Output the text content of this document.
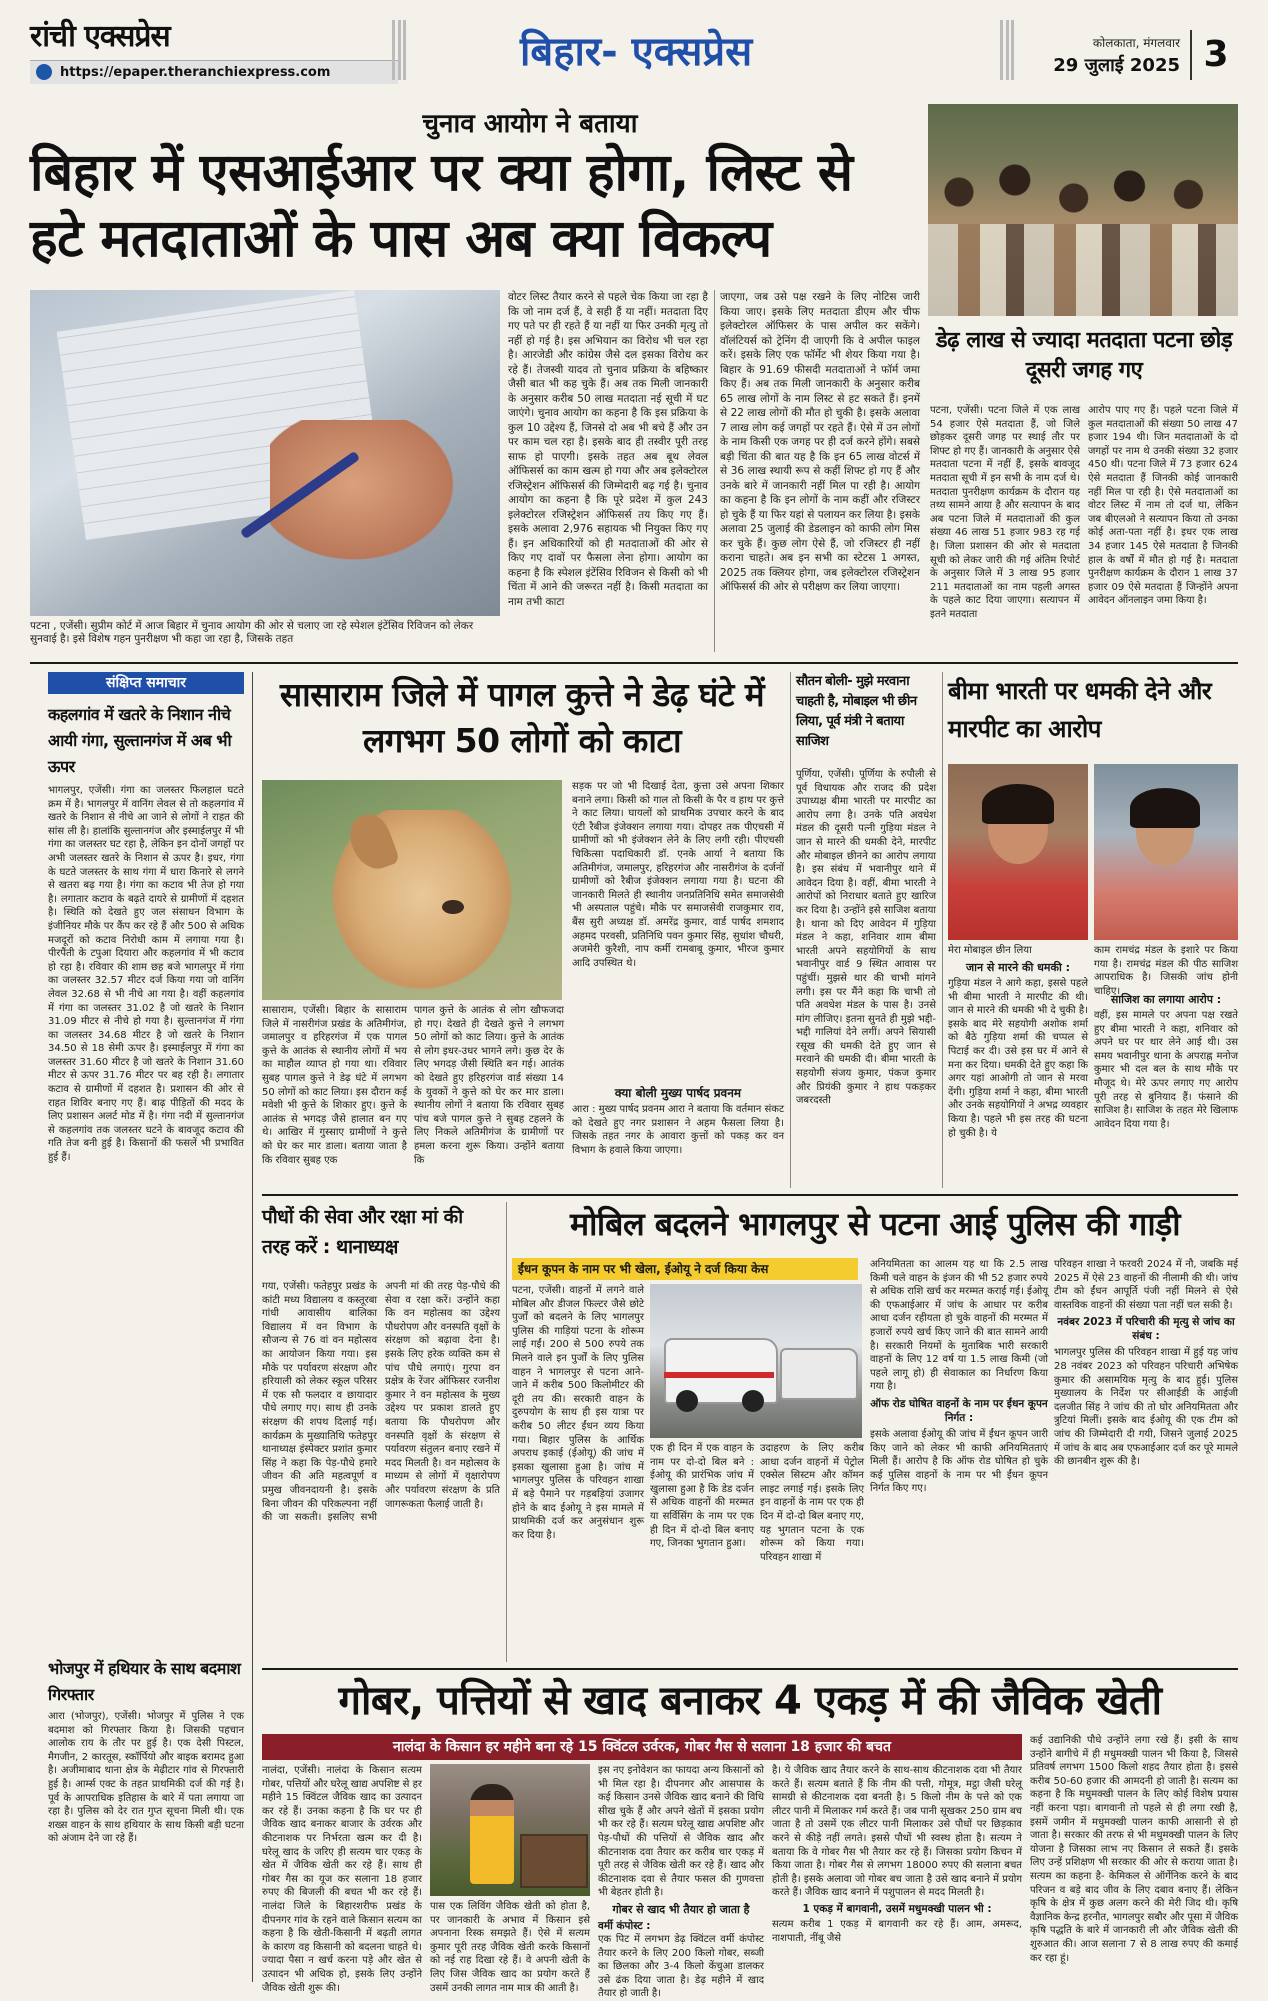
रांची एक्सप्रेस
https://epaper.theranchiexpress.com	बिहार- एक्सप्रेस	कोलकाता, मंगलवार
29 जुलाई 2025 3
चुनाव आयोग ने बताया
बिहार में एसआईआर पर क्या होगा, लिस्ट से हटे मतदाताओं के पास अब क्या विकल्प
पटना , एजेंसी। सुप्रीम कोर्ट में आज बिहार में चुनाव आयोग की ओर से चलाए जा रहे स्पेशल इंटेंसिव रिविजन को लेकर सुनवाई है। इसे विशेष गहन पुनरीक्षण भी कहा जा रहा है, जिसके तहत
वोटर लिस्ट तैयार करने से पहले चेक किया जा रहा है कि जो नाम दर्ज हैं, वे सही हैं या नहीं। मतदाता दिए गए पते पर ही रहते हैं या नहीं या फिर उनकी मृत्यु तो नहीं हो गई है। इस अभियान का विरोध भी चल रहा है। आरजेडी और कांग्रेस जैसे दल इसका विरोध कर रहे हैं। तेजस्वी यादव तो चुनाव प्रक्रिया के बहिष्कार जैसी बात भी कह चुके हैं। अब तक मिली जानकारी के अनुसार करीब 50 लाख मतदाता नई सूची में घट जाएंगे। चुनाव आयोग का कहना है कि इस प्रक्रिया के कुल 10 उद्देश्य हैं, जिनसे दो अब भी बचे हैं और उन पर काम चल रहा है। इसके बाद ही तस्वीर पूरी तरह साफ हो पाएगी। इसके तहत अब बूथ लेवल ऑफिसर्स का काम खत्म हो गया और अब इलेक्टोरल रजिस्ट्रेशन ऑफिसर्स की जिम्मेदारी बढ़ गई है। चुनाव आयोग का कहना है कि पूरे प्रदेश में कुल 243 इलेक्टोरल रजिस्ट्रेशन ऑफिसर्स तय किए गए हैं। इसके अलावा 2,976 सहायक भी नियुक्त किए गए हैं। इन अधिकारियों को ही मतदाताओं की ओर से किए गए दावों पर फैसला लेना होगा। आयोग का कहना है कि स्पेशल इंटेंसिव रिविजन से किसी को भी चिंता में आने की जरूरत नहीं है। किसी मतदाता का नाम तभी काटा
जाएगा, जब उसे पक्ष रखने के लिए नोटिस जारी किया जाए। इसके लिए मतदाता डीएम और चीफ इलेक्टोरल ऑफिसर के पास अपील कर सकेंगे। वॉलंटियर्स को ट्रेनिंग दी जाएगी कि वे अपील फाइल करें। इसके लिए एक फॉर्मेट भी शेयर किया गया है। बिहार के 91.69 फीसदी मतदाताओं ने फॉर्म जमा किए हैं। अब तक मिली जानकारी के अनुसार करीब 65 लाख लोगों के नाम लिस्ट से हट सकते हैं। इनमें से 22 लाख लोगों की मौत हो चुकी है। इसके अलावा 7 लाख लोग कई जगहों पर रहते हैं। ऐसे में उन लोगों के नाम किसी एक जगह पर ही दर्ज करने होंगे। सबसे बड़ी चिंता की बात यह है कि इन 65 लाख वोटर्स में से 36 लाख स्थायी रूप से कहीं शिफ्ट हो गए हैं और उनके बारे में जानकारी नहीं मिल पा रही है। आयोग का कहना है कि इन लोगों के नाम कहीं और रजिस्टर हो चुके हैं या फिर यहां से पलायन कर लिया है। इसके अलावा 25 जुलाई की डेडलाइन को काफी लोग मिस कर चुके हैं। कुछ लोग ऐसे हैं, जो रजिस्टर ही नहीं कराना चाहते। अब इन सभी का स्टेटस 1 अगस्त, 2025 तक क्लियर होगा, जब इलेक्टोरल रजिस्ट्रेशन ऑफिसर्स की ओर से परीक्षण कर लिया जाएगा।
डेढ़ लाख से ज्यादा मतदाता पटना छोड़ दूसरी जगह गए
पटना, एजेंसी। पटना जिले में एक लाख 54 हजार ऐसे मतदाता हैं, जो जिले छोड़कर दूसरी जगह पर स्थाई तौर पर शिफ्ट हो गए हैं। जानकारी के अनुसार ऐसे मतदाता पटना में नहीं हैं, इसके बावजूद मतदाता सूची में इन सभी के नाम दर्ज थे। मतदाता पुनरीक्षण कार्यक्रम के दौरान यह तथ्य सामने आया है और सत्यापन के बाद अब पटना जिले में मतदाताओं की कुल संख्या 46 लाख 51 हजार 983 रह गई है। जिला प्रशासन की ओर से मतदाता सूची को लेकर जारी की गई अंतिम रिपोर्ट के अनुसार जिले में 3 लाख 95 हजार 211 मतदाताओं का नाम पहली अगस्त के पहले काट दिया जाएगा। सत्यापन में इतने मतदाता
आरोप पाए गए हैं। पहले पटना जिले में कुल मतदाताओं की संख्या 50 लाख 47 हजार 194 थी। जिन मतदाताओं के दो जगहों पर नाम थे उनकी संख्या 32 हजार 450 थी। पटना जिले में 73 हजार 624 ऐसे मतदाता हैं जिनकी कोई जानकारी नहीं मिल पा रही है। ऐसे मतदाताओं का वोटर लिस्ट में नाम तो दर्ज था, लेकिन जब बीएलओ ने सत्यापन किया तो उनका कोई अता-पता नहीं है। इधर एक लाख 34 हजार 145 ऐसे मतदाता है जिनकी हाल के वर्षों में मौत हो गई है। मतदाता पुनरीक्षण कार्यक्रम के दौरान 1 लाख 37 हजार 09 ऐसे मतदाता हैं जिन्होंने अपना आवेदन ऑनलाइन जमा किया है।
संक्षिप्त समाचार
कहलगांव में खतरे के निशान नीचे आयी गंगा, सुल्तानगंज में अब भी ऊपर
भागलपुर, एजेंसी। गंगा का जलस्तर फिलहाल घटते क्रम में है। भागलपुर में वानिंग लेवल से तो कहलगांव में खतरे के निशान से नीचे आ जाने से लोगों ने राहत की सांस ली है। हालांकि सुल्तानगंज और इस्माईलपुर में भी गंगा का जलस्तर घट रहा है, लेकिन इन दोनों जगहों पर अभी जलस्तर खतरे के निशान से ऊपर है। इधर, गंगा के घटते जलस्तर के साथ गंगा में धारा किनारे से लगने से खतरा बढ़ गया है। गंगा का कटाव भी तेज हो गया है। लगातार कटाव के बढ़ते दायरे से ग्रामीणों में दहशत है। स्थिति को देखते हुए जल संसाधन विभाग के इंजीनियर मौके पर कैंप कर रहे हैं और 500 से अधिक मजदूरों को कटाव निरोधी काम में लगाया गया है। पीरपैंती के टपुआ दियारा और कहलगांव में भी कटाव हो रहा है। रविवार की शाम छह बजे भागलपुर में गंगा का जलस्तर 32.57 मीटर दर्ज किया गया जो वानिंग लेवल 32.68 से भी नीचे आ गया है। वहीं कहलगांव में गंगा का जलस्तर 31.02 है जो खतरे के निशान 31.09 मीटर से नीचे हो गया है। सुल्तानगंज में गंगा का जलस्तर 34.68 मीटर है जो खतरे के निशान 34.50 से 18 सेमी ऊपर है। इस्माईलपुर में गंगा का जलस्तर 31.60 मीटर है जो खतरे के निशान 31.60 मीटर से ऊपर 31.76 मीटर पर बह रही है। लगातार कटाव से ग्रामीणों में दहशत है। प्रशासन की ओर से राहत शिविर बनाए गए हैं। बाढ़ पीड़ितों की मदद के लिए प्रशासन अलर्ट मोड में है। गंगा नदी में सुल्तानगंज से कहलगांव तक जलस्तर घटने के बावजूद कटाव की गति तेज बनी हुई है। किसानों की फसलें भी प्रभावित हुई हैं।
भोजपुर में हथियार के साथ बदमाश गिरफ्तार
आरा (भोजपुर), एजेंसी। भोजपुर में पुलिस ने एक बदमाश को गिरफ्तार किया है। जिसकी पहचान आलोक राय के तौर पर हुई है। एक देसी पिस्टल, मैगजीन, 2 कारतूस, स्कॉर्पियो और बाइक बरामद हुआ है। अजीमाबाद थाना क्षेत्र के मेढ़ीटार गांव से गिरफ्तारी हुई है। आर्म्स एक्ट के तहत प्राथमिकी दर्ज की गई है। पूर्व के आपराधिक इतिहास के बारे में पता लगाया जा रहा है। पुलिस को देर रात गुप्त सूचना मिली थी। एक शख्स वाहन के साथ हथियार के साथ किसी बड़ी घटना को अंजाम देने जा रहे हैं।
सासाराम जिले में पागल कुत्ते ने डेढ़ घंटे में लगभग 50 लोगों को काटा
सासाराम, एजेंसी। बिहार के सासाराम जिले में नासरीगंज प्रखंड के अतिमीगंज, जमालपुर व हरिहरगंज में एक पागल कुत्ते के आतंक से स्थानीय लोगों में भय का माहौल व्याप्त हो गया था। रविवार सुबह पागल कुत्ते ने डेढ़ घंटे में लगभग 50 लोगों को काट लिया। इस दौरान कई मवेशी भी कुत्ते के शिकार हुए। कुत्ते के आतंक से भगदड़ जैसे हालात बन गए थे। आखिर में गुस्साए ग्रामीणों ने कुत्ते को घेर कर मार डाला। बताया जाता है कि रविवार सुबह एक
पागल कुत्ते के आतंक से लोग खौफजदा हो गए। देखते ही देखते कुत्ते ने लगभग 50 लोगों को काट लिया। कुत्ते के आतंक से लोग इधर-उधर भागने लगे। कुछ देर के लिए भगदड़ जैसी स्थिति बन गई। आतंक को देखते हुए हरिहरगंज वार्ड संख्या 14 के युवकों ने कुत्ते को घेर कर मार डाला। स्थानीय लोगों ने बताया कि रविवार सुबह पांच बजे पागल कुत्ते ने सुबह टहलने के लिए निकले अतिमीगंज के ग्रामीणों पर हमला करना शुरू किया। उन्होंने बताया कि
सड़क पर जो भी दिखाई देता, कुत्ता उसे अपना शिकार बनाने लगा। किसी को गाल तो किसी के पैर व हाथ पर कुत्ते ने काट लिया। घायलों को प्राथमिक उपचार करने के बाद एंटी रैबीज इंजेक्शन लगाया गया। दोपहर तक पीएचसी में ग्रामीणों को भी इंजेक्शन लेने के लिए लगी रही। पीएचसी चिकित्सा पदाधिकारी डॉ. एनके आर्या ने बताया कि अतिमीगंज, जमालपुर, हरिहरगंज और नासरीगंज के दर्जनों ग्रामीणों को रैबीज इंजेक्शन लगाया गया है। घटना की जानकारी मिलते ही स्थानीय जनप्रतिनिधि समेत समाजसेवी भी अस्पताल पहुंचे। मौके पर समाजसेवी राजकुमार राव, बैंस सुरी अध्यक्ष डॉ. अमरेंद्र कुमार, वार्ड पार्षद शमशाद अहमद परवसी, प्रतिनिधि पवन कुमार सिंह, सुधांश चौधरी, अजमेरी कुरैशी, नाप कर्मी रामबाबू कुमार, भीरज कुमार आदि उपस्थित थे।
क्या बोली मुख्य पार्षद प्रवनम
आरा : मुख्य पार्षद प्रवनम आरा ने बताया कि वर्तमान संकट को देखते हुए नगर प्रशासन ने अहम फैसला लिया है। जिसके तहत नगर के आवारा कुत्तों को पकड़ कर वन विभाग के हवाले किया जाएगा।
सौतन बोली- मुझे मरवाना चाहती है, मोबाइल भी छीन लिया, पूर्व मंत्री ने बताया साजिश
पूर्णिया, एजेंसी। पूर्णिया के रुपौली से पूर्व विधायक और राजद की प्रदेश उपाध्यक्ष बीमा भारती पर मारपीट का आरोप लगा है। उनके पति अवधेश मंडल की दूसरी पत्नी गुड़िया मंडल ने जान से मारने की धमकी देने, मारपीट और मोबाइल छीनने का आरोप लगाया है। इस संबंध में भवानीपुर थाने में आवेदन दिया है। वहीं, बीमा भारती ने आरोपों को निराधार बताते हुए खारिज कर दिया है। उन्होंने इसे साजिश बताया है। थाना को दिए आवेदन में गुड़िया मंडल ने कहा, शनिवार शाम बीमा भारती अपने सहयोगियों के साथ भवानीपुर वार्ड 9 स्थित आवास पर पहुंचीं। मुझसे थार की चाभी मांगने लगी। इस पर मैंने कहा कि चाभी तो पति अवधेश मंडल के पास है। उनसे मांग लीजिए। इतना सुनते ही मुझे भद्दी-भद्दी गालियां देने लगीं। अपने सियासी रसूख की धमकी देते हुए जान से मरवाने की धमकी दी। बीमा भारती के सहयोगी संजय कुमार, पंकज कुमार और प्रियंकी कुमार ने हाथ पकड़कर जबरदस्ती
बीमा भारती पर धमकी देने और मारपीट का आरोप
मेरा मोबाइल छीन लिया	काम रामचंद्र मंडल के इशारे पर किया गया है। रामचंद्र मंडल की पीठ साजिश आपराधिक है। जिसकी जांच होनी चाहिए।
जान से मारने की धमकी :
गुड़िया मंडल ने आगे कहा, इससे पहले भी बीमा भारती ने मारपीट की थी। जान से मारने की धमकी भी दे चुकी है। इसके बाद मेरे सहयोगी अशोक शर्मा को बैठे गुड़िया शर्मा की चप्पल से पिटाई कर दी। उसे इस घर में आने से मना कर दिया। धमकी देते हुए कहा कि अगर यहां आओगी तो जान से मरवा देंगी। गुड़िया शर्मा ने कहा, बीमा भारती और उनके सहयोगियों ने अभद्र व्यवहार किया है। पहले भी इस तरह की घटना हो चुकी है। ये
साजिश का लगाया आरोप :
वहीं, इस मामले पर अपना पक्ष रखते हुए बीमा भारती ने कहा, शनिवार को अपने घर पर थार लेने आई थी। उस समय भवानीपुर थाना के अपराह्न मनोज कुमार भी दल बल के साथ मौके पर मौजूद थे। मेरे ऊपर लगाए गए आरोप पूरी तरह से बुनियाद हैं। फंसाने की साजिश है। साजिश के तहत मेरे खिलाफ आवेदन दिया गया है।
पौधों की सेवा और रक्षा मां की तरह करें : थानाध्यक्ष
गया, एजेंसी। फतेहपुर प्रखंड के कांटी मध्य विद्यालय व कस्तूरबा गांधी आवासीय बालिका विद्यालय में वन विभाग के सौजन्य से 76 वां वन महोत्सव का आयोजन किया गया। इस मौके पर पर्यावरण संरक्षण और हरियाली को लेकर स्कूल परिसर में एक सौ फलदार व छायादार पौधे लगाए गए। साथ ही उनके संरक्षण की शपथ दिलाई गई। कार्यक्रम के मुख्यातिथि फतेहपुर थानाध्यक्ष इंस्पेक्टर प्रशांत कुमार सिंह ने कहा कि पेड़-पौधे हमारे जीवन की अति महत्वपूर्ण व प्रमुख जीवनदायनी है। इसके बिना जीवन की परिकल्पना नहीं की जा सकती। इसलिए सभी अपनी मां की तरह पेड़-पौधे की सेवा व रक्षा करें। उन्होंने कहा कि वन महोत्सव का उद्देश्य पौधरोपण और वनस्पति वृक्षों के संरक्षण को बढ़ावा देना है। इसके लिए हरेक व्यक्ति कम से पांच पौधे लगाएं। गुरपा वन प्रक्षेत्र के रेंजर ऑफिसर रजनीश कुमार ने वन महोत्सव के मुख्य उद्देश्य पर प्रकाश डालते हुए बताया कि पौधरोपण और वनस्पति वृक्षों के संरक्षण से पर्यावरण संतुलन बनाए रखने में मदद मिलती है। वन महोत्सव के माध्यम से लोगों में वृक्षारोपण और पर्यावरण संरक्षण के प्रति जागरूकता फैलाई जाती है।
मोबिल बदलने भागलपुर से पटना आई पुलिस की गाड़ी
ईंधन कूपन के नाम पर भी खेला, ईओयू ने दर्ज किया केस
पटना, एजेंसी। वाहनों में लगने वाले मोबिल और डीजल फिल्टर जैसे छोटे पुर्जों को बदलने के लिए भागलपुर पुलिस की गाड़ियां पटना के शोरूम लाई गईं। 200 से 500 रुपये तक मिलने वाले इन पुर्जों के लिए पुलिस वाहन ने भागलपुर से पटना आने-जाने में करीब 500 किलोमीटर की दूरी तय की। सरकारी वाहन के दुरुपयोग के साथ ही इस यात्रा पर करीब 50 लीटर ईंधन व्यय किया गया। बिहार पुलिस के आर्थिक अपराध इकाई (ईओयू) की जांच में इसका खुलासा हुआ है। जांच में भागलपुर पुलिस के परिवहन शाखा में बड़े पैमाने पर गड़बड़ियां उजागर होने के बाद ईओयू ने इस मामले में प्राथमिकी दर्ज कर अनुसंधान शुरू कर दिया है।
एक ही दिन में एक वाहन के नाम पर दो-दो बिल बने : ईओयू की प्रारंभिक जांच में खुलासा हुआ है कि डेड दर्जन से अधिक वाहनों की मरम्मत या सर्विसिंग के नाम पर एक ही दिन में दो-दो बिल बनाए गए, जिनका भुगतान हुआ।
उदाहरण के लिए करीब आधा दर्जन वाहनों में पेट्रोल एक्सेल सिस्टम और कॉमन लाइट लगाई गई। इसके लिए इन वाहनों के नाम पर एक ही दिन में दो-दो बिल बनाए गए, यह भुगतान पटना के एक शोरूम को किया गया। परिवहन शाखा में
अनियमितता का आलम यह था कि 2.5 लाख किमी चले वाहन के इंजन की भी 52 हजार रुपये से अधिक राशि खर्च कर मरम्मत कराई गई। ईओयू की एफआईआर में जांच के आधार पर करीब आधा दर्जन रहीयता हो चुके वाहनों की मरम्मत में हजारों रुपये खर्च किए जाने की बात सामने आयी है। सरकारी नियमों के मुताबिक भारी सरकारी वाहनों के लिए 12 वर्ष या 1.5 लाख किमी (जो पहले लागू हो) ही सेवाकाल का निर्धारण किया गया है।
ऑफ रोड घोषित वाहनों के नाम पर ईंधन कूपन निर्गत :
इसके अलावा ईओयू की जांच में ईंधन कूपन जारी किए जाने को लेकर भी काफी अनियमितताएं मिली हैं। आरोप है कि ऑफ रोड घोषित हो चुके कई पुलिस वाहनों के नाम पर भी ईंधन कूपन निर्गत किए गए।
परिवहन शाखा ने फरवरी 2024 में नौ, जबकि मई 2025 में ऐसे 23 वाहनों की नीलामी की थी। जांच टीम को ईंधन आपूर्ति पंजी नहीं मिलने से ऐसे वास्तविक वाहनों की संख्या पता नहीं चल सकी है।
नवंबर 2023 में परिचारी की मृत्यु से जांच का संबंध :
भागलपुर पुलिस की परिवहन शाखा में हुई यह जांच 28 नवंबर 2023 को परिवहन परिचारी अभिषेक कुमार की असामयिक मृत्यु के बाद हुई। पुलिस मुख्यालय के निर्देश पर सीआईडी के आईजी दलजीत सिंह ने जांच की तो घोर अनियमितता और त्रुटियां मिलीं। इसके बाद ईओयू की एक टीम को जांच की जिम्मेदारी दी गयी, जिसने जुलाई 2025 में जांच के बाद अब एफआईआर दर्ज कर पूरे मामले की छानबीन शुरू की है।
गोबर, पत्तियों से खाद बनाकर 4 एकड़ में की जैविक खेती
नालंदा के किसान हर महीने बना रहे 15 क्विंटल उर्वरक, गोबर गैस से सलाना 18 हजार की बचत
नालंदा, एजेंसी। नालंदा के किसान सत्यम गोबर, पत्तियों और घरेलू खाद्य अपशिष्ट से हर महीने 15 क्विंटल जैविक खाद का उत्पादन कर रहे हैं। उनका कहना है कि घर पर ही जैविक खाद बनाकर बाजार के उर्वरक और कीटनाशक पर निर्भरता खत्म कर दी है। घरेलू खाद के जरिए ही सत्यम चार एकड़ के खेत में जैविक खेती कर रहे हैं। साथ ही गोबर गैस का यूज कर सलाना 18 हजार रुपए की बिजली की बचत भी कर रहे हैं। नालंदा जिले के बिहारशरीफ प्रखंड के दीपनगर गांव के रहने वाले किसान सत्यम का कहना है कि खेती-किसानी में बढ़ती लागत के कारण वह किसानी को बदलना चाहते थे। ज्यादा पैसा न खर्च करना पड़े और खेत से उत्पादन भी अधिक हो, इसके लिए उन्होंने जैविक खेती शुरू की।
पास एक लिविंग जैविक खेती को होता है, पर जानकारी के अभाव में किसान इसे अपनाना रिस्क समझते हैं। ऐसे में सत्यम कुमार पूरी तरह जैविक खेती करके किसानों को नई राह दिखा रहे हैं। वे अपनी खेती के लिए जिस जैविक खाद का प्रयोग करते हैं उसमें उनकी लागत नाम मात्र की आती है।
इस नए इनोवेशन का फायदा अन्य किसानों को भी मिल रहा है। दीपनगर और आसपास के कई किसान उनसे जैविक खाद बनाने की विधि सीख चुके हैं और अपने खेतों में इसका प्रयोग भी कर रहे हैं। सत्यम घरेलू खाद्य अपशिष्ट और पेड़-पौधों की पत्तियों से जैविक खाद और कीटनाशक दवा तैयार कर करीब चार एकड़ में पूरी तरह से जैविक खेती कर रहे हैं। खाद और कीटनाशक दवा से तैयार फसल की गुणवत्ता भी बेहतर होती है।
गोबर से खाद भी तैयार हो जाता है
वर्मी कंपोस्ट :
एक पिट में लगभग डेढ़ क्विंटल वर्मी कंपोस्ट तैयार करने के लिए 200 किलो गोबर, सब्जी का छिलका और 3-4 किलो केंचुआ डालकर उसे ढंक दिया जाता है। डेढ़ महीने में खाद तैयार हो जाती है।
है। ये जैविक खाद तैयार करने के साथ-साथ कीटनाशक दवा भी तैयार करते हैं। सत्यम बताते हैं कि नीम की पत्ती, गोमूत्र, मट्ठा जैसी घरेलू सामग्री से कीटनाशक दवा बनती है। 5 किलो नीम के पत्ते को एक लीटर पानी में मिलाकर गर्म करते हैं। जब पानी सूखकर 250 ग्राम बच जाता है तो उसमें एक लीटर पानी मिलाकर उसे पौधों पर छिड़काव करने से कीड़े नहीं लगते। इससे पौधों भी स्वस्थ होता है। सत्यम ने बताया कि वे गोबर गैस भी तैयार कर रहे हैं। जिसका प्रयोग किचन में किया जाता है। गोबर गैस से लगभग 18000 रुपए की सलाना बचत होती है। इसके अलावा जो गोबर बच जाता है उसे खाद बनाने में प्रयोग करते हैं। जैविक खाद बनाने में पशुपालन से मदद मिलती है।
1 एकड़ में बागवानी, उसमें मधुमक्खी पालन भी :
सत्यम करीब 1 एकड़ में बागवानी कर रहे हैं। आम, अमरूद, नाशपाती, नींबू जैसे
कई उद्यानिकी पौधे उन्होंने लगा रखे हैं। इसी के साथ उन्होंने बागीचे में ही मधुमक्खी पालन भी किया है, जिससे प्रतिवर्ष लगभग 1500 किलो शहद तैयार होता है। इससे करीब 50-60 हजार की आमदनी हो जाती है। सत्यम का कहना है कि मधुमक्खी पालन के लिए कोई विशेष प्रयास नहीं करना पड़ा। बागवानी तो पहले से ही लगा रखी है, इसमें जमीन में मधुमक्खी पालन काफी आसानी से हो जाता है। सरकार की तरफ से भी मधुमक्खी पालन के लिए योजना है जिसका लाभ नए किसान ले सकते हैं। इसके लिए उन्हें प्रशिक्षण भी सरकार की ओर से कराया जाता है। सत्यम का कहना है- केमिकल से ऑर्गेनिक करने के बाद परिजन व बड़े बाद जीव के लिए दबाव बनाए हैं। लेकिन कृषि के क्षेत्र में कुछ अलग करने की मेरी जिद थी। कृषि वैज्ञानिक केन्द्र हरनौत, भागलपुर सबौर और पूसा में जैविक कृषि पद्धति के बारे में जानकारी ली और जैविक खेती की शुरुआत की। आज सलाना 7 से 8 लाख रुपए की कमाई कर रहा हूं।
